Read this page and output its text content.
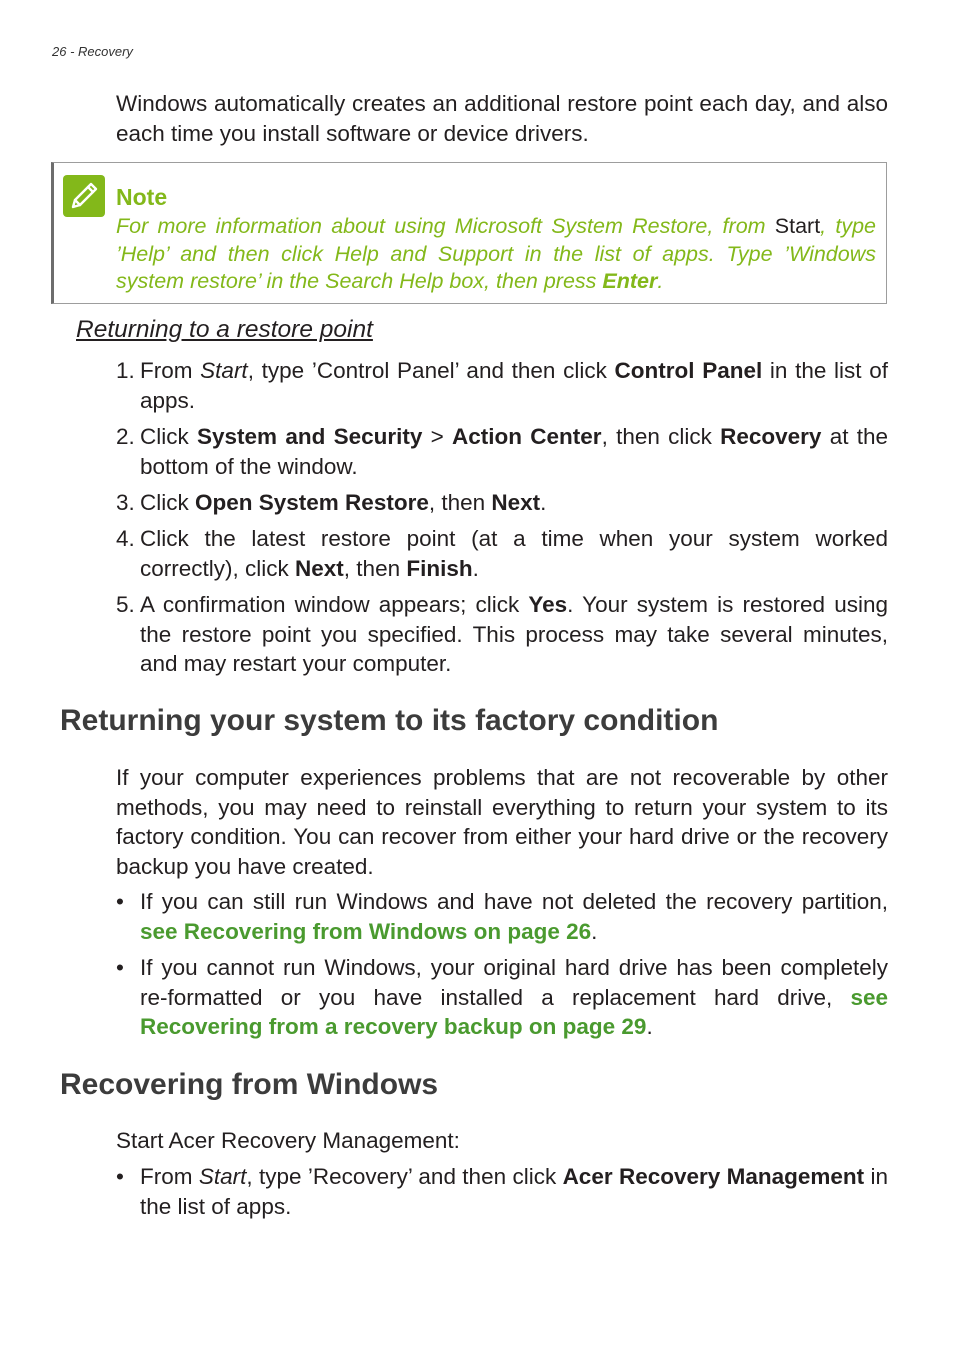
26 - Recovery

Windows automatically creates an additional restore point each day, and also each time you install software or device drivers.

Note

For more information about using Microsoft System Restore, from Start, type ’Help’ and then click Help and Support in the list of apps. Type ’Windows system restore’ in the Search Help box, then press Enter.

Returning to a restore point
1. From Start, type ’Control Panel’ and then click Control Panel in the list of apps.
2. Click System and Security > Action Center, then click Recovery at the bottom of the window.
3. Click Open System Restore, then Next.
4. Click the latest restore point (at a time when your system worked correctly), click Next, then Finish.
5. A confirmation window appears; click Yes. Your system is restored using the restore point you specified. This process may take several minutes, and may restart your computer.
Returning your system to its factory condition

If your computer experiences problems that are not recoverable by other methods, you may need to reinstall everything to return your system to its factory condition. You can recover from either your hard drive or the recovery backup you have created.

• If you can still run Windows and have not deleted the recovery partition, see Recovering from Windows on page 26.
• If you cannot run Windows, your original hard drive has been completely re-formatted or you have installed a replacement hard drive, see Recovering from a recovery backup on page 29.
Recovering from Windows

Start Acer Recovery Management:

• From Start, type ’Recovery’ and then click Acer Recovery Management in the list of apps.
